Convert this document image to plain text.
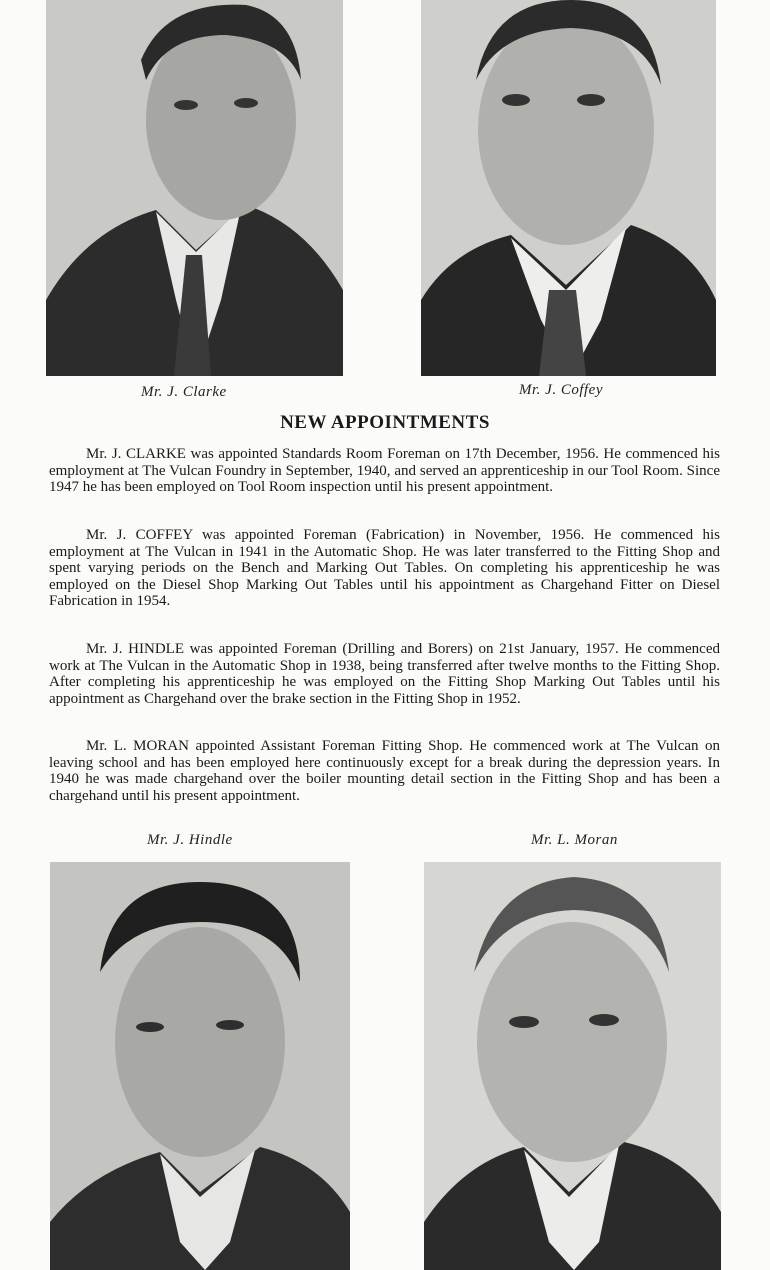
Mr. J. Clarke	Mr. J. Coffey
NEW APPOINTMENTS

Mr. J. CLARKE was appointed Standards Room Foreman on 17th December, 1956. He commenced his employment at The Vulcan Foundry in September, 1940, and served an apprenticeship in our Tool Room. Since 1947 he has been employed on Tool Room inspection until his present appointment.

Mr. J. COFFEY was appointed Foreman (Fabrication) in November, 1956. He commenced his employment at The Vulcan in 1941 in the Automatic Shop. He was later transferred to the Fitting Shop and spent varying periods on the Bench and Marking Out Tables. On completing his apprenticeship he was employed on the Diesel Shop Marking Out Tables until his appointment as Chargehand Fitter on Diesel Fabrication in 1954.

Mr. J. HINDLE was appointed Foreman (Drilling and Borers) on 21st January, 1957. He commenced work at The Vulcan in the Automatic Shop in 1938, being transferred after twelve months to the Fitting Shop. After completing his apprenticeship he was employed on the Fitting Shop Marking Out Tables until his appointment as Chargehand over the brake section in the Fitting Shop in 1952.

Mr. L. MORAN appointed Assistant Foreman Fitting Shop. He commenced work at The Vulcan on leaving school and has been employed here continuously except for a break during the depression years. In 1940 he was made chargehand over the boiler mounting detail section in the Fitting Shop and has been a chargehand until his present appointment.

Mr. J. Hindle	Mr. L. Moran
